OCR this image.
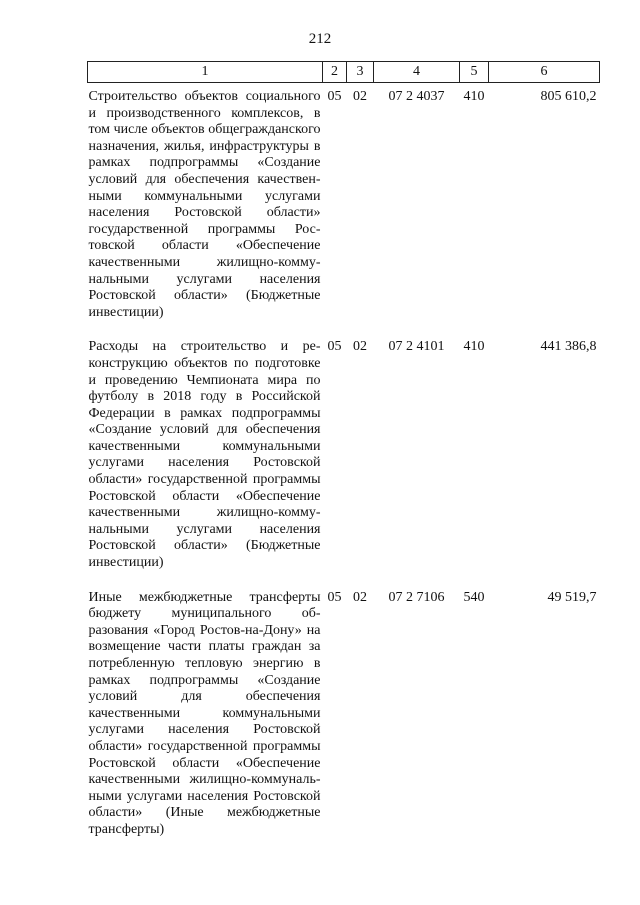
212
1	2	3	4	5	6
Строительство объектов социального и производственного комплексов, в том числе объектов общегражданского назначения, жилья, инфраструктуры в рамках подпрограммы «Создание условий для обеспечения качественными коммунальными услугами населения Ростовской области» государственной программы Ростовской области «Обеспечение качественными жилищно-коммунальными услугами населения Ростовской области» (Бюджетные инвестиции)	05	02	07 2 4037	410	805 610,2
Расходы на строительство и реконструкцию объектов по подготовке и проведению Чемпионата мира по футболу в 2018 году в Российской Федерации в рамках подпрограммы «Создание условий для обеспечения качественными коммунальными услугами населения Ростовской области» государственной программы Ростовской области «Обеспечение качественными жилищно-коммунальными услугами населения Ростовской области» (Бюджетные инвестиции)	05	02	07 2 4101	410	441 386,8
Иные межбюджетные трансферты бюджету муниципального образования «Город Ростов-на-Дону» на возмещение части платы граждан за потребленную тепловую энергию в рамках подпрограммы «Создание условий для обеспечения качественными коммунальными услугами населения Ростовской области» государственной программы Ростовской области «Обеспечение качественными жилищно-коммунальными услугами населения Ростовской области» (Иные межбюджетные трансферты)	05	02	07 2 7106	540	49 519,7
